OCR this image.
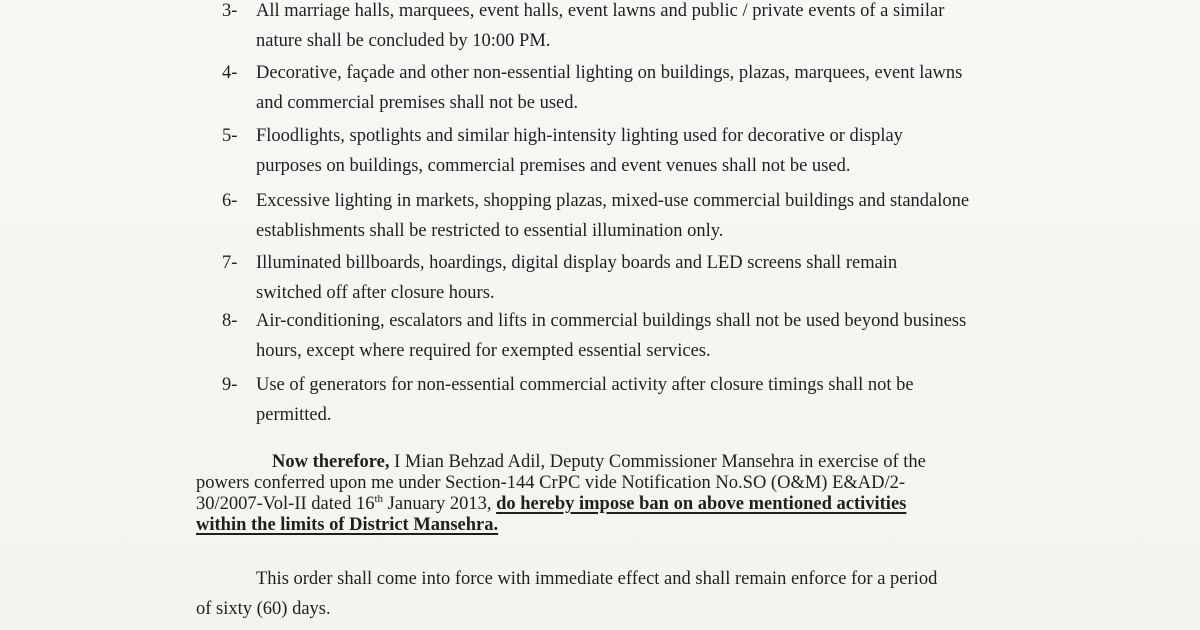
3-	All marriage halls, marquees, event halls, event lawns and public / private events of a similar
nature shall be concluded by 10:00 PM.
4-	Decorative, façade and other non-essential lighting on buildings, plazas, marquees, event lawns
and commercial premises shall not be used.
5-	Floodlights, spotlights and similar high-intensity lighting used for decorative or display
purposes on buildings, commercial premises and event venues shall not be used.
6-	Excessive lighting in markets, shopping plazas, mixed-use commercial buildings and standalone
establishments shall be restricted to essential illumination only.
7-	Illuminated billboards, hoardings, digital display boards and LED screens shall remain
switched off after closure hours.
8-	Air-conditioning, escalators and lifts in commercial buildings shall not be used beyond business
hours, except where required for exempted essential services.
9-	Use of generators for non-essential commercial activity after closure timings shall not be
permitted.
Now therefore, I Mian Behzad Adil, Deputy Commissioner Mansehra in exercise of the
powers conferred upon me under Section-144 CrPC vide Notification No.SO (O&M) E&AD/2-
30/2007-Vol-II dated 16th January 2013, do hereby impose ban on above mentioned activities
within the limits of District Mansehra.
This order shall come into force with immediate effect and shall remain enforce for a period
of sixty (60) days.
